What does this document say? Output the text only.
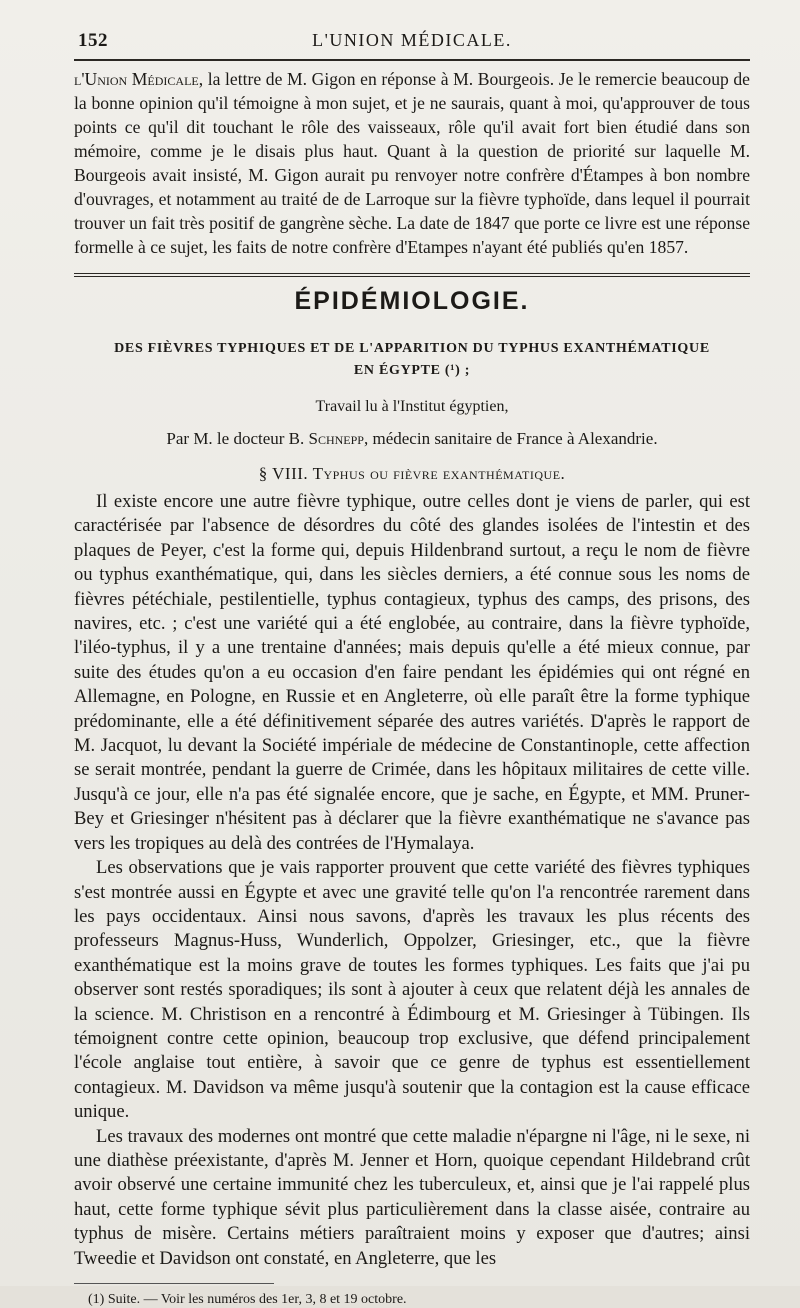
152	L'UNION MÉDICALE.

l'Union Médicale, la lettre de M. Gigon en réponse à M. Bourgeois. Je le remercie beaucoup de la bonne opinion qu'il témoigne à mon sujet, et je ne saurais, quant à moi, qu'approuver de tous points ce qu'il dit touchant le rôle des vaisseaux, rôle qu'il avait fort bien étudié dans son mémoire, comme je le disais plus haut. Quant à la question de priorité sur laquelle M. Bourgeois avait insisté, M. Gigon aurait pu renvoyer notre confrère d'Étampes à bon nombre d'ouvrages, et notamment au traité de de Larroque sur la fièvre typhoïde, dans lequel il pourrait trouver un fait très positif de gangrène sèche. La date de 1847 que porte ce livre est une réponse formelle à ce sujet, les faits de notre confrère d'Etampes n'ayant été publiés qu'en 1857.

ÉPIDÉMIOLOGIE.
DES FIÈVRES TYPHIQUES ET DE L'APPARITION DU TYPHUS EXANTHÉMATIQUE
EN ÉGYPTE (¹) ;
Travail lu à l'Institut égyptien,
Par M. le docteur B. Schnepp, médecin sanitaire de France à Alexandrie.
§ VIII. Typhus ou fièvre exanthématique.

Il existe encore une autre fièvre typhique, outre celles dont je viens de parler, qui est caractérisée par l'absence de désordres du côté des glandes isolées de l'intestin et des plaques de Peyer, c'est la forme qui, depuis Hildenbrand surtout, a reçu le nom de fièvre ou typhus exanthématique, qui, dans les siècles derniers, a été connue sous les noms de fièvres pétéchiale, pestilentielle, typhus contagieux, typhus des camps, des prisons, des navires, etc. ; c'est une variété qui a été englobée, au contraire, dans la fièvre typhoïde, l'iléo-typhus, il y a une trentaine d'années; mais depuis qu'elle a été mieux connue, par suite des études qu'on a eu occasion d'en faire pendant les épidémies qui ont régné en Allemagne, en Pologne, en Russie et en Angleterre, où elle paraît être la forme typhique prédominante, elle a été définitivement séparée des autres variétés. D'après le rapport de M. Jacquot, lu devant la Société impériale de médecine de Constantinople, cette affection se serait montrée, pendant la guerre de Crimée, dans les hôpitaux militaires de cette ville. Jusqu'à ce jour, elle n'a pas été signalée encore, que je sache, en Égypte, et MM. Pruner-Bey et Griesinger n'hésitent pas à déclarer que la fièvre exanthématique ne s'avance pas vers les tropiques au delà des contrées de l'Hymalaya.

Les observations que je vais rapporter prouvent que cette variété des fièvres typhiques s'est montrée aussi en Égypte et avec une gravité telle qu'on l'a rencontrée rarement dans les pays occidentaux. Ainsi nous savons, d'après les travaux les plus récents des professeurs Magnus-Huss, Wunderlich, Oppolzer, Griesinger, etc., que la fièvre exanthématique est la moins grave de toutes les formes typhiques. Les faits que j'ai pu observer sont restés sporadiques; ils sont à ajouter à ceux que relatent déjà les annales de la science. M. Christison en a rencontré à Édimbourg et M. Griesinger à Tübingen. Ils témoignent contre cette opinion, beaucoup trop exclusive, que défend principalement l'école anglaise tout entière, à savoir que ce genre de typhus est essentiellement contagieux. M. Davidson va même jusqu'à soutenir que la contagion est la cause efficace unique.

Les travaux des modernes ont montré que cette maladie n'épargne ni l'âge, ni le sexe, ni une diathèse préexistante, d'après M. Jenner et Horn, quoique cependant Hildebrand crût avoir observé une certaine immunité chez les tuberculeux, et, ainsi que je l'ai rappelé plus haut, cette forme typhique sévit plus particulièrement dans la classe aisée, contraire au typhus de misère. Certains métiers paraîtraient moins y exposer que d'autres; ainsi Tweedie et Davidson ont constaté, en Angleterre, que les

(1) Suite. — Voir les numéros des 1er, 3, 8 et 19 octobre.
